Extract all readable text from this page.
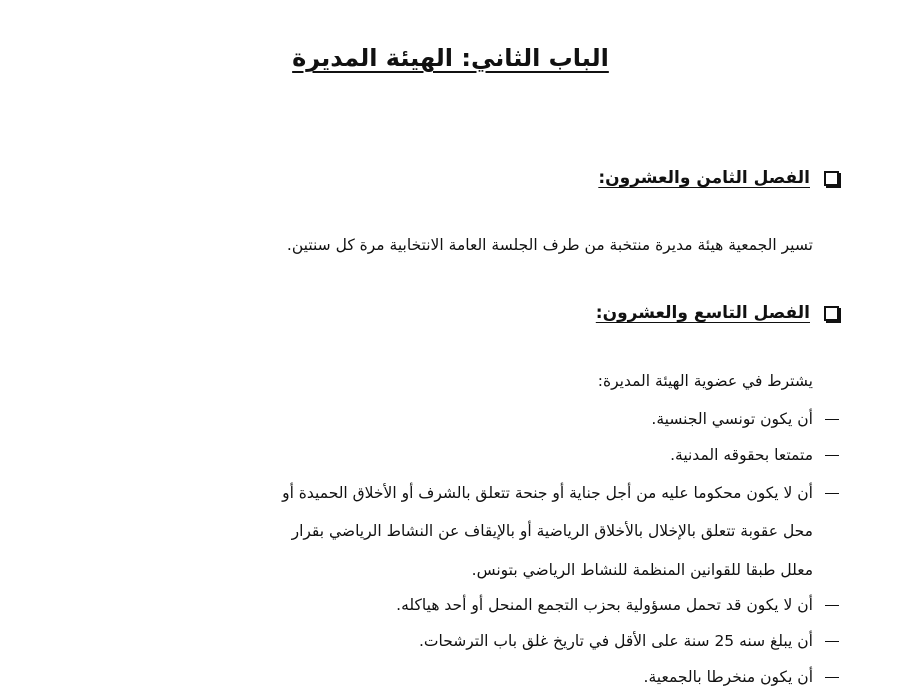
الباب الثاني: الهيئة المديرة
الفصل الثامن والعشرون:
تسير الجمعية هيئة مديرة منتخبة من طرف الجلسة العامة الانتخابية مرة كل سنتين.
الفصل التاسع والعشرون:
يشترط في عضوية الهيئة المديرة:
أن يكون تونسي الجنسية.
متمتعا بحقوقه المدنية.
أن لا يكون محكوما عليه من أجل جناية أو جنحة تتعلق بالشرف أو الأخلاق الحميدة أو
محل عقوبة تتعلق بالإخلال بالأخلاق الرياضية أو بالإيقاف عن النشاط الرياضي بقرار
معلل طبقا للقوانين المنظمة للنشاط الرياضي بتونس.
أن لا يكون قد تحمل مسؤولية بحزب التجمع المنحل أو أحد هياكله.
أن يبلغ سنه 25 سنة على الأقل في تاريخ غلق باب الترشحات.
أن يكون منخرطا بالجمعية.
